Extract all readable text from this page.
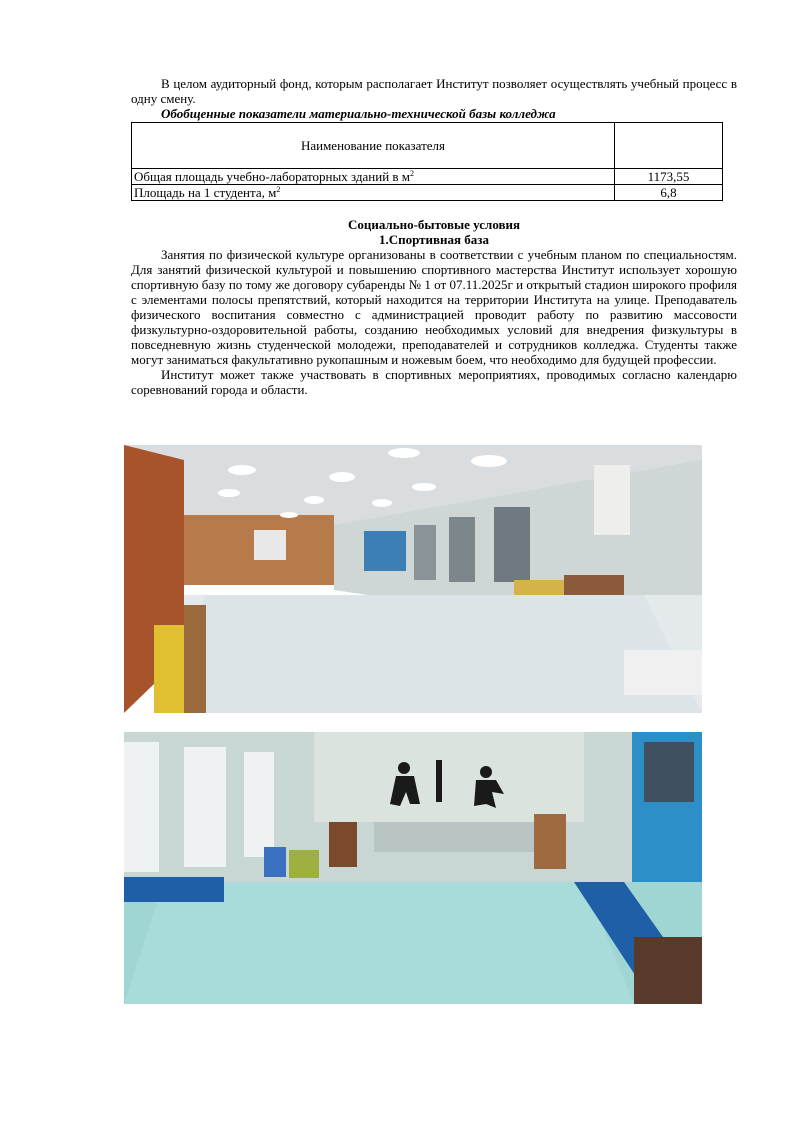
В целом аудиторный фонд, которым располагает Институт позволяет осуществлять учебный процесс в одну смену.

Обобщенные показатели материально-технической базы колледжа

Наименование показателя	
Общая площадь учебно-лабораторных зданий в $м^2$	1173,55
Площадь на 1 студента, $м^2$	6,8

Социально-бытовые условия

1.Спортивная база

Занятия по физической культуре организованы в соответствии с учебным планом по специальностям. Для занятий физической культурой и повышению спортивного мастерства Институт использует хорошую спортивную базу по тому же договору субаренды № 1 от 07.11.2025г и открытый стадион широкого профиля с элементами полосы препятствий, который находится на территории Института на улице. Преподаватель физического воспитания совместно с администрацией проводит работу по развитию массовости физкультурно-оздоровительной работы, созданию необходимых условий для внедрения физкультуры в повседневную жизнь студенческой молодежи, преподавателей и сотрудников колледжа. Студенты также могут заниматься факультативно рукопашным и ножевым боем, что необходимо для будущей профессии.

Институт может также участвовать в спортивных мероприятиях, проводимых согласно календарю соревнований города и области.
